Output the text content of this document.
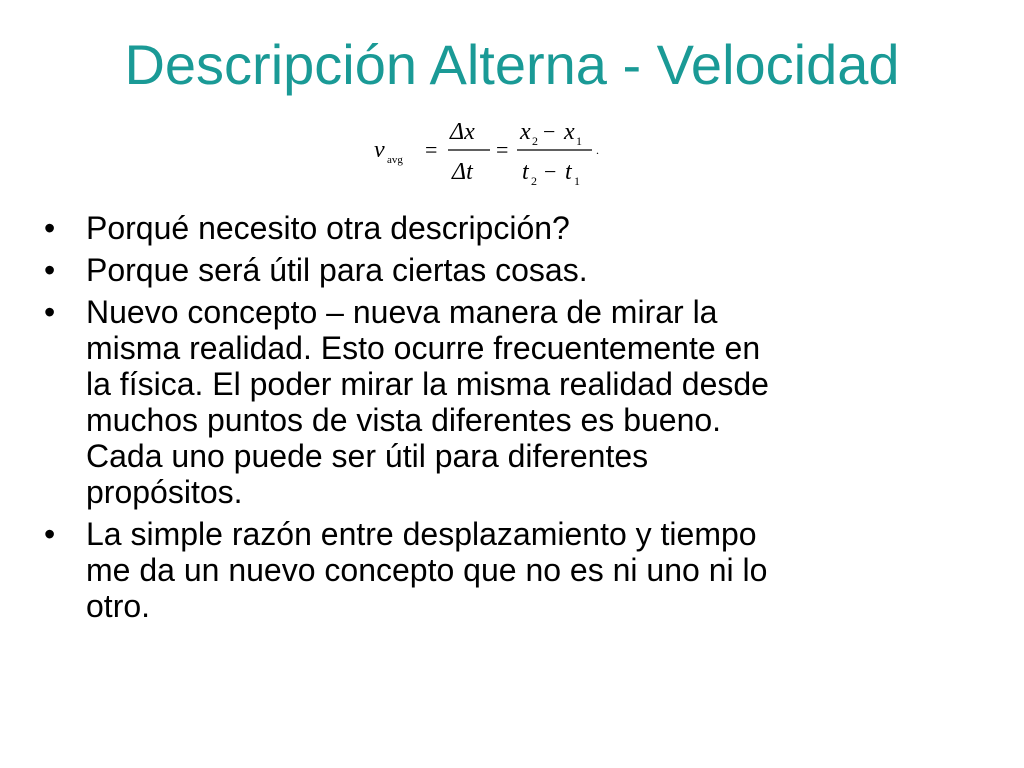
Descripción Alterna - Velocidad
v avg =
Δx
Δt
=
x 2 − x 1
t 2 − t 1
.
• Porqué necesito otra descripción?
• Porque será útil para ciertas cosas.
• Nuevo concepto – nueva manera de mirar la
misma realidad. Esto ocurre frecuentemente en
la física. El poder mirar la misma realidad desde
muchos puntos de vista diferentes es bueno.
Cada uno puede ser útil para diferentes
propósitos.
• La simple razón entre desplazamiento y tiempo
me da un nuevo concepto que no es ni uno ni lo
otro.
